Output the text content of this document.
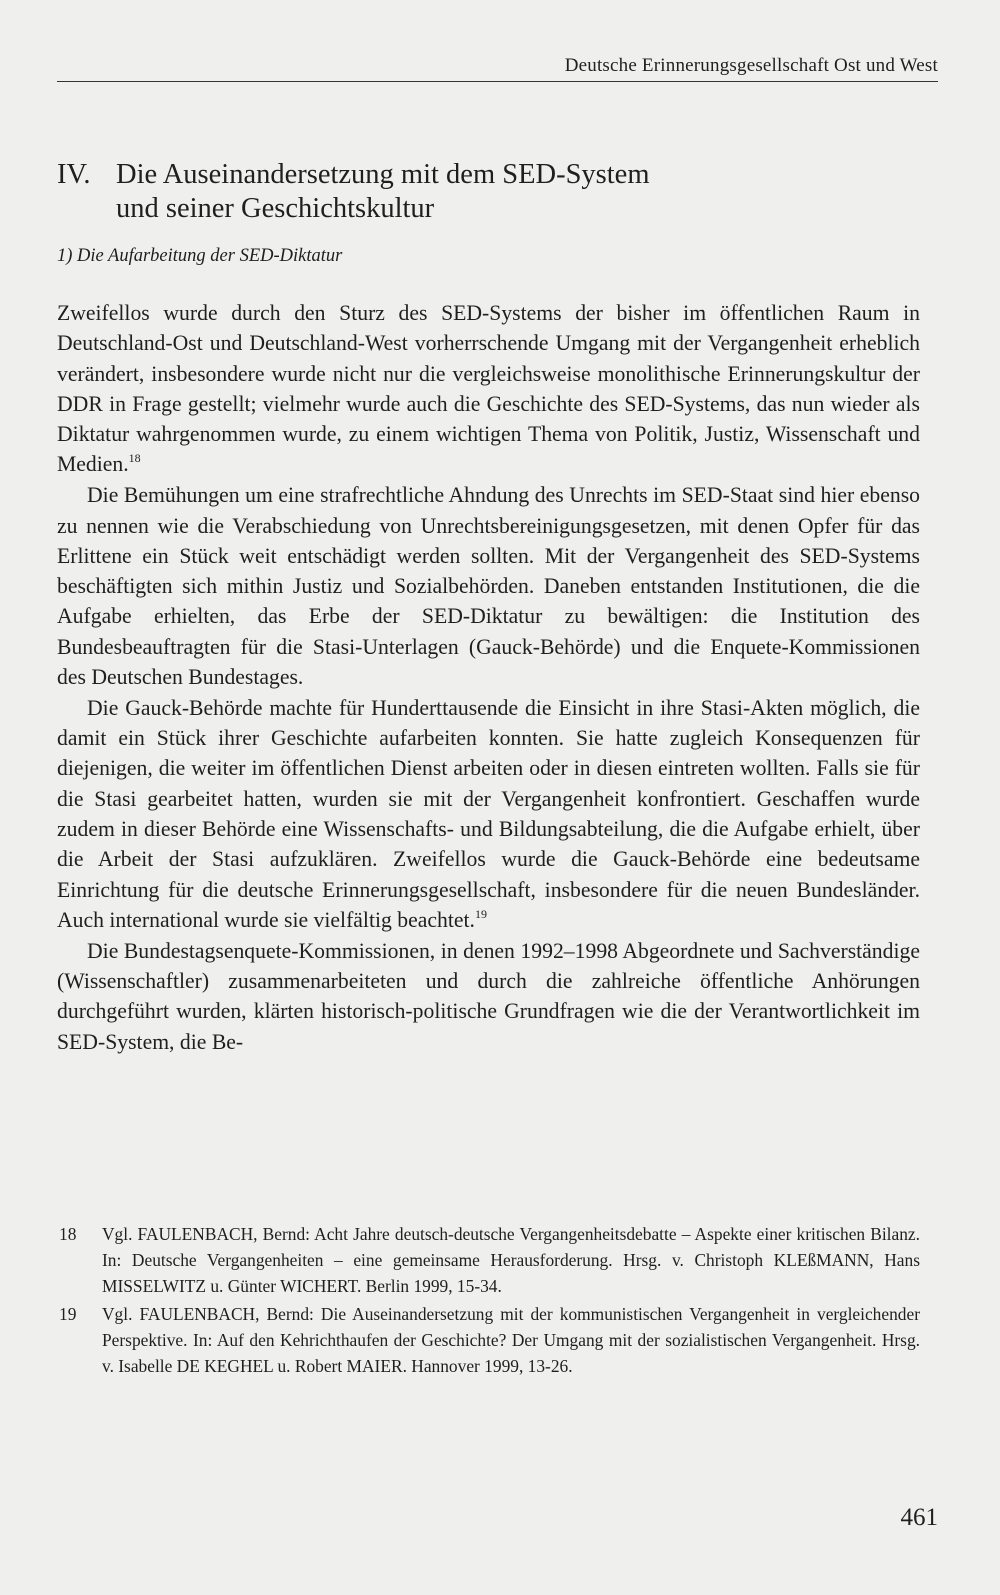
Deutsche Erinnerungsgesellschaft Ost und West
IV. Die Auseinandersetzung mit dem SED-System
und seiner Geschichtskultur
1) Die Aufarbeitung der SED-Diktatur

Zweifellos wurde durch den Sturz des SED-Systems der bisher im öffentlichen Raum in Deutschland-Ost und Deutschland-West vorherrschende Umgang mit der Vergangenheit erheblich verändert, insbesondere wurde nicht nur die vergleichsweise monolithische Erinnerungskultur der DDR in Frage gestellt; vielmehr wurde auch die Geschichte des SED-Systems, das nun wieder als Diktatur wahrgenommen wurde, zu einem wichtigen Thema von Politik, Justiz, Wissenschaft und Medien.$^{18}$

Die Bemühungen um eine strafrechtliche Ahndung des Unrechts im SED-Staat sind hier ebenso zu nennen wie die Verabschiedung von Unrechtsbereinigungsgesetzen, mit denen Opfer für das Erlittene ein Stück weit entschädigt werden sollten. Mit der Vergangenheit des SED-Systems beschäftigten sich mithin Justiz und Sozialbehörden. Daneben entstanden Institutionen, die die Aufgabe erhielten, das Erbe der SED-Diktatur zu bewältigen: die Institution des Bundesbeauftragten für die Stasi-Unterlagen (Gauck-Behörde) und die Enquete-Kommissionen des Deutschen Bundestages.

Die Gauck-Behörde machte für Hunderttausende die Einsicht in ihre Stasi-Akten möglich, die damit ein Stück ihrer Geschichte aufarbeiten konnten. Sie hatte zugleich Konsequenzen für diejenigen, die weiter im öffentlichen Dienst arbeiten oder in diesen eintreten wollten. Falls sie für die Stasi gearbeitet hatten, wurden sie mit der Vergangenheit konfrontiert. Geschaffen wurde zudem in dieser Behörde eine Wissenschafts- und Bildungsabteilung, die die Aufgabe erhielt, über die Arbeit der Stasi aufzuklären. Zweifellos wurde die Gauck-Behörde eine bedeutsame Einrichtung für die deutsche Erinnerungsgesellschaft, insbesondere für die neuen Bundesländer. Auch international wurde sie vielfältig beachtet.$^{19}$

Die Bundestagsenquete-Kommissionen, in denen 1992–1998 Abgeordnete und Sachverständige (Wissenschaftler) zusammenarbeiteten und durch die zahlreiche öffentliche Anhörungen durchgeführt wurden, klärten historisch-politische Grundfragen wie die der Verantwortlichkeit im SED-System, die Be-

18 Vgl. FAULENBACH, Bernd: Acht Jahre deutsch-deutsche Vergangenheitsdebatte – Aspekte einer kritischen Bilanz. In: Deutsche Vergangenheiten – eine gemeinsame Herausforderung. Hrsg. v. Christoph KLEßMANN, Hans MISSELWITZ u. Günter WICHERT. Berlin 1999, 15-34.
19 Vgl. FAULENBACH, Bernd: Die Auseinandersetzung mit der kommunistischen Vergangenheit in vergleichender Perspektive. In: Auf den Kehrichthaufen der Geschichte? Der Umgang mit der sozialistischen Vergangenheit. Hrsg. v. Isabelle DE KEGHEL u. Robert MAIER. Hannover 1999, 13-26.
461
